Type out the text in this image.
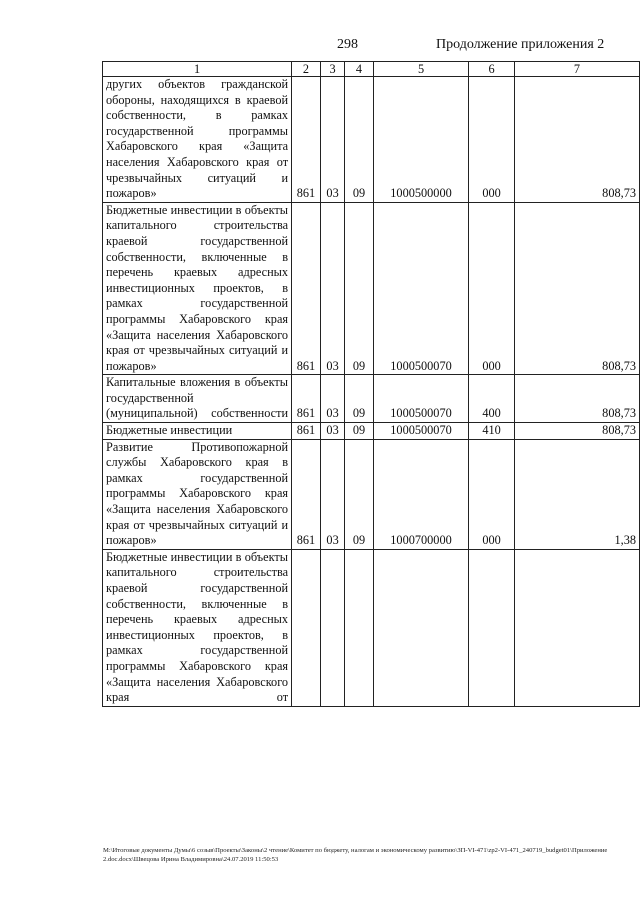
298	Продолжение приложения 2
1	2	3	4	5	6	7
других объектов гражданской обороны, находящихся в краевой собственности, в рамках государственной программы Хабаровского края «Защита населения Хабаровского края от чрезвычайных ситуаций и пожаров»	861	03	09	1000500000	000	808,73
Бюджетные инвестиции в объекты капитального строительства краевой государственной собственности, включенные в перечень краевых адресных инвестиционных проектов, в рамках государственной программы Хабаровского края «Защита населения Хабаровского края от чрезвычайных ситуаций и пожаров»	861	03	09	1000500070	000	808,73
Капитальные вложения в объекты государственной (муниципальной) собственности	861	03	09	1000500070	400	808,73
Бюджетные инвестиции	861	03	09	1000500070	410	808,73
Развитие Противопожарной службы Хабаровского края в рамках государственной программы Хабаровского края «Защита населения Хабаровского края от чрезвычайных ситуаций и пожаров»	861	03	09	1000700000	000	1,38
Бюджетные инвестиции в объекты капитального строительства краевой государственной собственности, включенные в перечень краевых адресных инвестиционных проектов, в рамках государственной программы Хабаровского края «Защита населения Хабаровского края от						
M:\Итоговые документы Думы\6 созыв\Проекты\Законы\2 чтение\Комитет по бюджету, налогам и экономическому развитию\ЗП-VI-471\zp2-VI-471_240719_budget01\Приложение 2.doc.docx\Швецова Ирина Владимировна\24.07.2019 11:50:53
